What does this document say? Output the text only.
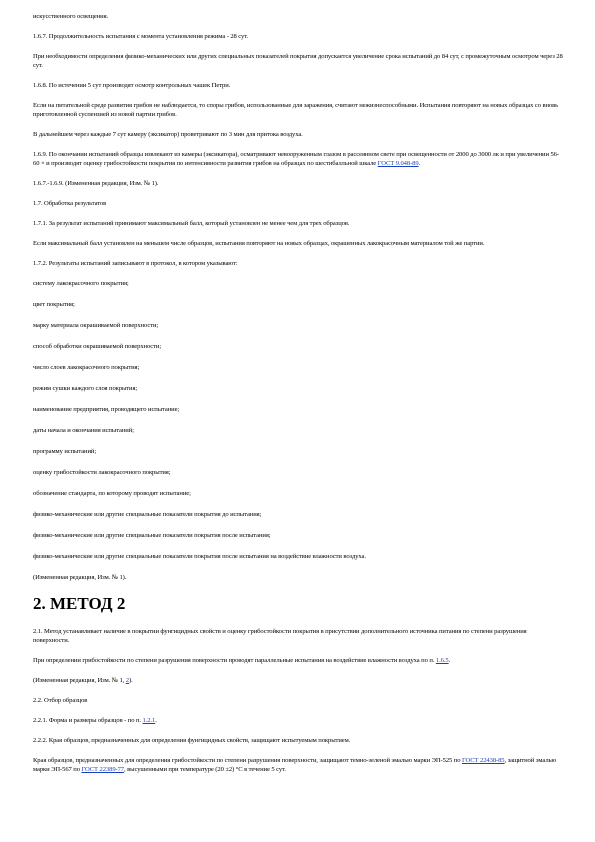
искусственного освещения.

1.6.7. Продолжительность испытания с момента установления режима - 28 сут.

При необходимости определения физико-механических или других специальных показателей покрытия допускается увеличение срока испытаний до 84 сут, с промежуточным осмотром через 28 сут.

1.6.8. По истечении 5 сут производят осмотр контрольных чашек Петри.

Если на питательной среде развития грибов не наблюдается, то споры грибов, использованные для заражения, считают нежизнеспособными. Испытания повторяют на новых образцах со вновь приготовленной суспензией из новой партии грибов.

В дальнейшем через каждые 7 сут камеру (эксикатор) проветривают по 3 мин для притока воздуха.

1.6.9. По окончании испытаний образцы извлекают из камеры (эксикатора), осматривают невооруженным глазом в рассеянном свете при освещенности от 2000 до 3000 лк и при увеличении 56-60 × и производят оценку грибостойкости покрытия по интенсивности развития грибов на образцах по шестибалльной шкале ГОСТ 9.048-89.

1.6.7.-1.6.9. (Измененная редакция, Изм. № 1).

1.7. Обработка результатов

1.7.1. За результат испытаний принимают максимальный балл, который установлен не менее чем для трех образцов.

Если максимальный балл установлен на меньшем числе образцов, испытания повторяют на новых образцах, окрашенных лакокрасочным материалом той же партии.

1.7.2. Результаты испытаний записывают в протокол, в котором указывают:

систему лакокрасочного покрытия;

цвет покрытия;

марку материала окрашиваемой поверхности;

способ обработки окрашиваемой поверхности;

число слоев лакокрасочного покрытия;

режим сушки каждого слоя покрытия;

наименование предприятия, проводящего испытание;

даты начала и окончания испытаний;

программу испытаний;

оценку грибостойкости лакокрасочного покрытия;

обозначение стандарта, по которому проводят испытание;

физико-механические или другие специальные показатели покрытия до испытания;

физико-механические или другие специальные показатели покрытия после испытания;

физико-механические или другие специальные показатели покрытия после испытания на воздействие влажности воздуха.

(Измененная редакция, Изм. № 1).

2. МЕТОД 2

2.1. Метод устанавливает наличие в покрытии фунгицидных свойств и оценку грибостойкости покрытия в присутствии дополнительного источника питания по степени разрушения поверхности.

При определении грибостойкости по степени разрушения поверхности проводят параллельные испытания на воздействие влажности воздуха по п. 1.6.5.

(Измененная редакция, Изм. № 1, 2).

2.2. Отбор образцов

2.2.1. Форма и размеры образцов - по п. 1.2.1.

2.2.2. Края образцов, предназначенных для определения фунгицидных свойств, защищают испытуемым покрытием.

Края образцов, предназначенных для определения грибостойкости по степени разрушения поверхности, защищают темно-зеленой эмалью марки ЭП-525 по ГОСТ 22438-85, защитной эмалью марки ЭП-567 по ГОСТ 22389-77, высушенными при температуре (20 ±2) °С в течение 5 сут.
